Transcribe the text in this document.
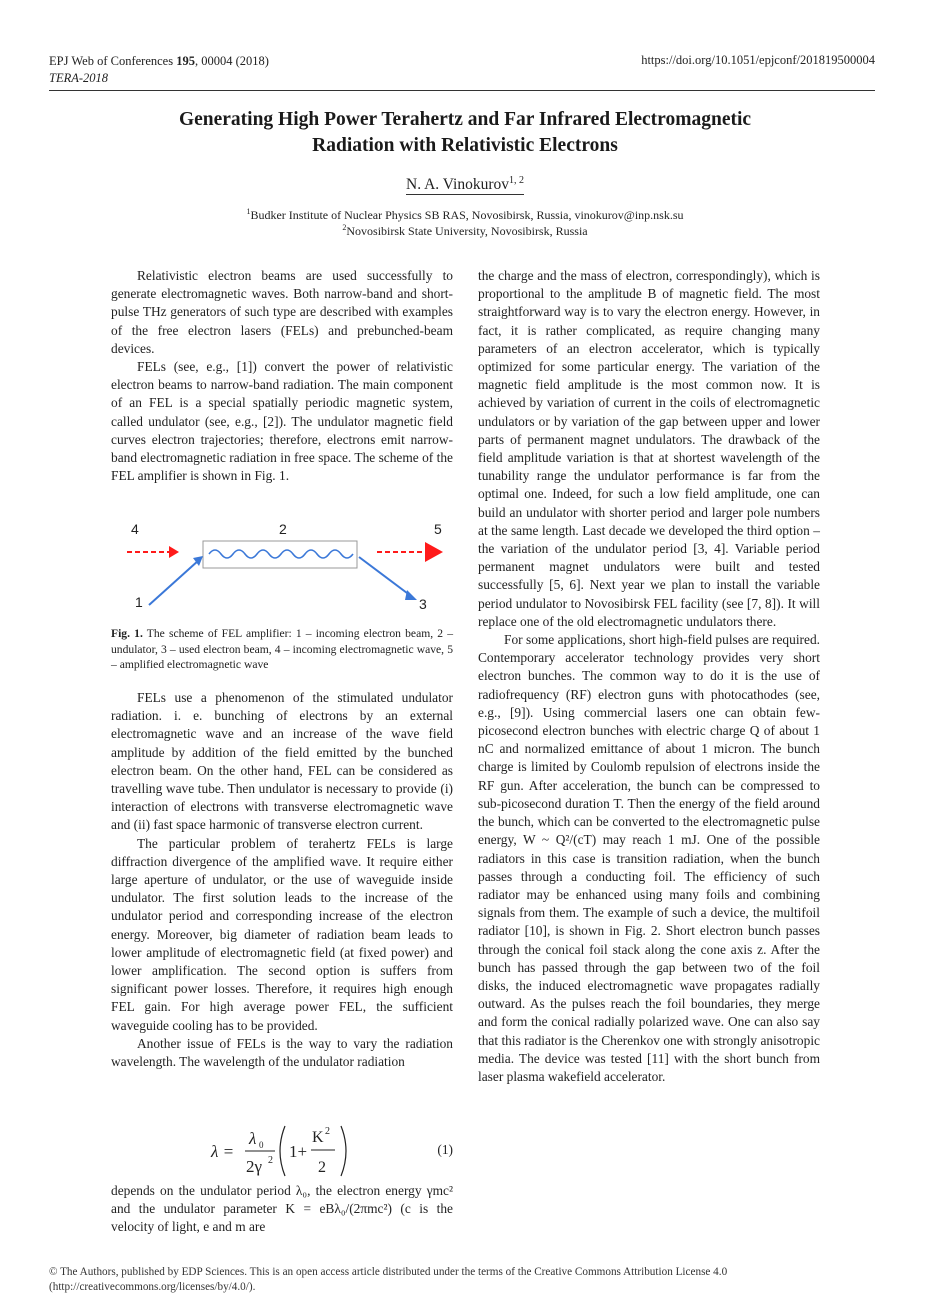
EPJ Web of Conferences 195, 00004 (2018)
TERA-2018
https://doi.org/10.1051/epjconf/201819500004
Generating High Power Terahertz and Far Infrared Electromagnetic
Radiation with Relativistic Electrons
N. A. Vinokurov$^{1, 2}$
$^1$Budker Institute of Nuclear Physics SB RAS, Novosibirsk, Russia, vinokurov@inp.nsk.su
$^2$Novosibirsk State University, Novosibirsk, Russia

Relativistic electron beams are used successfully to generate electromagnetic waves. Both narrow-band and short-pulse THz generators of such type are described with examples of the free electron lasers (FELs) and prebunched-beam devices.

FELs (see, e.g., [1]) convert the power of relativistic electron beams to narrow-band radiation. The main component of an FEL is a special spatially periodic magnetic system, called undulator (see, e.g., [2]). The undulator magnetic field curves electron trajectories; therefore, electrons emit narrow-band electromagnetic radiation in free space. The scheme of the FEL amplifier is shown in Fig. 1.

4	2	5
1	3
Fig. 1. The scheme of FEL amplifier: 1 – incoming electron beam, 2 – undulator, 3 – used electron beam, 4 – incoming electromagnetic wave, 5 – amplified electromagnetic wave

FELs use a phenomenon of the stimulated undulator radiation. i. e. bunching of electrons by an external electromagnetic wave and an increase of the wave field amplitude by addition of the field emitted by the bunched electron beam. On the other hand, FEL can be considered as travelling wave tube. Then undulator is necessary to provide (i) interaction of electrons with transverse electromagnetic wave and (ii) fast space harmonic of transverse electron current.

The particular problem of terahertz FELs is large diffraction divergence of the amplified wave. It require either large aperture of undulator, or the use of waveguide inside undulator. The first solution leads to the increase of the undulator period and corresponding increase of the electron energy. Moreover, big diameter of radiation beam leads to lower amplitude of electromagnetic field (at fixed power) and lower amplification. The second option is suffers from significant power losses. Therefore, it requires high enough FEL gain. For high average power FEL, the sufficient waveguide cooling has to be provided.

Another issue of FELs is the way to vary the radiation wavelength. The wavelength of the undulator radiation

λ =
λ 0
2γ 2 1+
K 2
2
(1)

depends on the undulator period λ₀, the electron energy γmc² and the undulator parameter K = eBλ₀/(2πmc²) (c is the velocity of light, e and m are

the charge and the mass of electron, correspondingly), which is proportional to the amplitude B of magnetic field. The most straightforward way is to vary the electron energy. However, in fact, it is rather complicated, as require changing many parameters of an electron accelerator, which is typically optimized for some particular energy. The variation of the magnetic field amplitude is the most common now. It is achieved by variation of current in the coils of electromagnetic undulators or by variation of the gap between upper and lower parts of permanent magnet undulators. The drawback of the field amplitude variation is that at shortest wavelength of the tunability range the undulator performance is far from the optimal one. Indeed, for such a low field amplitude, one can build an undulator with shorter period and larger pole numbers at the same length. Last decade we developed the third option – the variation of the undulator period [3, 4]. Variable period permanent magnet undulators were built and tested successfully [5, 6]. Next year we plan to install the variable period undulator to Novosibirsk FEL facility (see [7, 8]). It will replace one of the old electromagnetic undulators there.

For some applications, short high-field pulses are required. Contemporary accelerator technology provides very short electron bunches. The common way to do it is the use of radiofrequency (RF) electron guns with photocathodes (see, e.g., [9]). Using commercial lasers one can obtain few-picosecond electron bunches with electric charge Q of about 1 nC and normalized emittance of about 1 micron. The bunch charge is limited by Coulomb repulsion of electrons inside the RF gun. After acceleration, the bunch can be compressed to sub-picosecond duration T. Then the energy of the field around the bunch, which can be converted to the electromagnetic pulse energy, W ~ Q²/(cT) may reach 1 mJ. One of the possible radiators in this case is transition radiation, when the bunch passes through a conducting foil. The efficiency of such radiator may be enhanced using many foils and combining signals from them. The example of such a device, the multifoil radiator [10], is shown in Fig. 2. Short electron bunch passes through the conical foil stack along the cone axis z. After the bunch has passed through the gap between two of the foil disks, the induced electromagnetic wave propagates radially outward. As the pulses reach the foil boundaries, they merge and form the conical radially polarized wave. One can also say that this radiator is the Cherenkov one with strongly anisotropic media. The device was tested [11] with the short bunch from laser plasma wakefield accelerator.

© The Authors, published by EDP Sciences. This is an open access article distributed under the terms of the Creative Commons Attribution License 4.0
(http://creativecommons.org/licenses/by/4.0/).
